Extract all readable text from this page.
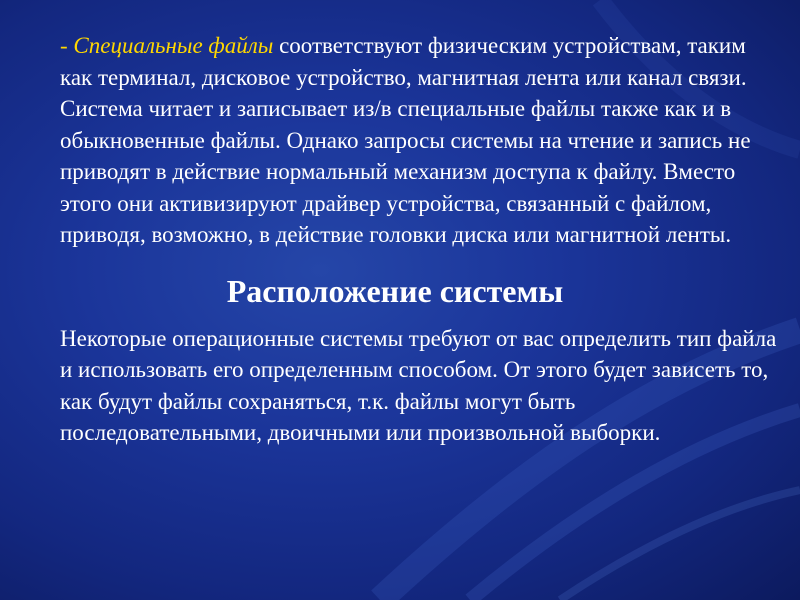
- Специальные файлы соответствуют физическим устройствам, таким как терминал, дисковое устройство, магнитная лента или канал связи. Система читает и записывает из/в специальные файлы также как и в обыкновенные файлы. Однако запросы системы на чтение и запись не приводят в действие нормальный механизм доступа к файлу. Вместо этого они активизируют драйвер устройства, связанный с файлом, приводя, возможно, в действие головки диска или магнитной ленты.

Расположение системы

Некоторые операционные системы требуют от вас определить тип файла и использовать его определенным способом. От этого будет зависеть то, как будут файлы сохраняться, т.к. файлы могут быть последовательными, двоичными или произвольной выборки.
